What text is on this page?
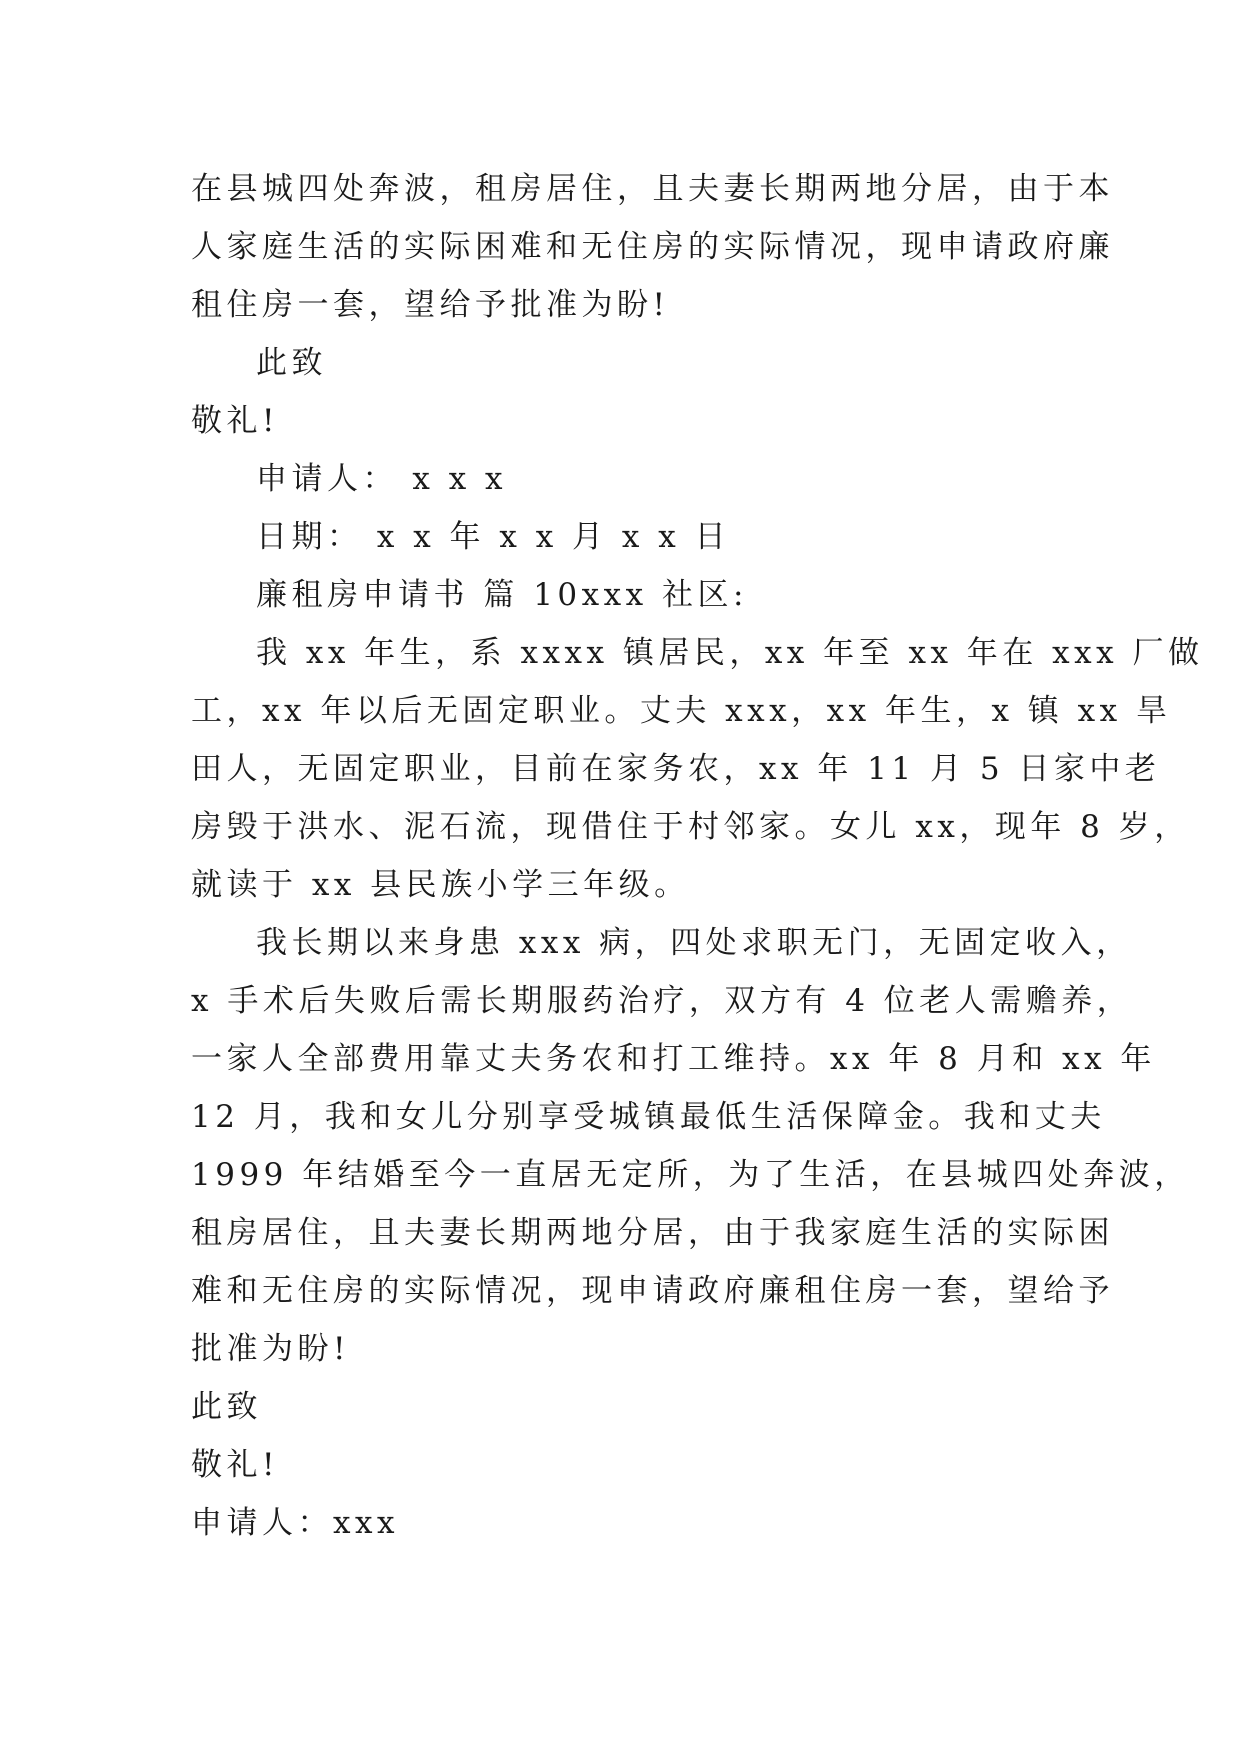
在县城四处奔波，租房居住，且夫妻长期两地分居，由于本
人家庭生活的实际困难和无住房的实际情况，现申请政府廉
租住房一套，望给予批准为盼!
此致
敬礼!
申请人： x x x
日期： x x 年 x x 月 x x 日
廉租房申请书 篇 10xxx 社区:
我 xx 年生，系 xxxx 镇居民，xx 年至 xx 年在 xxx 厂做
工，xx 年以后无固定职业。丈夫 xxx，xx 年生，x 镇 xx 旱
田人，无固定职业，目前在家务农，xx 年 11 月 5 日家中老
房毁于洪水、泥石流，现借住于村邻家。女儿 xx，现年 8 岁，
就读于 xx 县民族小学三年级。
我长期以来身患 xxx 病，四处求职无门，无固定收入，
x 手术后失败后需长期服药治疗，双方有 4 位老人需赡养，
一家人全部费用靠丈夫务农和打工维持。xx 年 8 月和 xx 年
12 月，我和女儿分别享受城镇最低生活保障金。我和丈夫
1999 年结婚至今一直居无定所，为了生活，在县城四处奔波，
租房居住，且夫妻长期两地分居，由于我家庭生活的实际困
难和无住房的实际情况，现申请政府廉租住房一套，望给予
批准为盼!
此致
敬礼!
申请人：xxx
